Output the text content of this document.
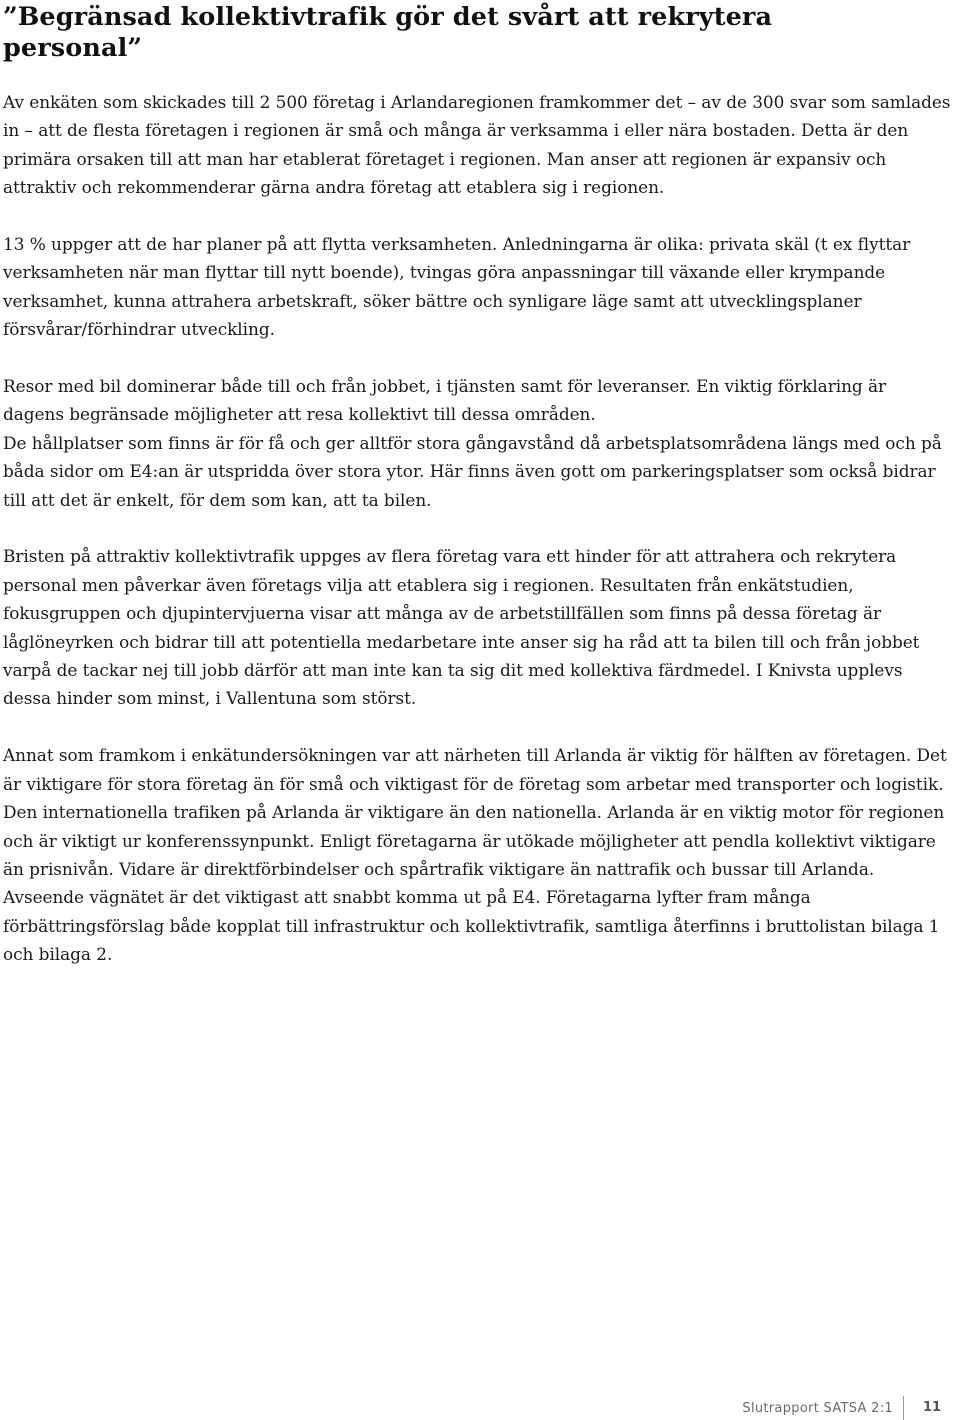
”Begränsad kollektivtrafik gör det svårt att rekrytera personal”

Av enkäten som skickades till 2 500 företag i Arlandaregionen framkommer det – av de 300 svar som samlades in – att de flesta företagen i regionen är små och många är verksamma i eller nära bostaden. Detta är den primära orsaken till att man har etablerat företaget i regionen. Man anser att regionen är expansiv och attraktiv och rekommenderar gärna andra företag att etablera sig i regionen.

13 % uppger att de har planer på att flytta verksamheten. Anledningarna är olika: privata skäl (t ex flyttar verksamheten när man flyttar till nytt boende), tvingas göra anpassningar till växande eller krympande verksamhet, kunna attrahera arbetskraft, söker bättre och synligare läge samt att utvecklingsplaner försvårar/förhindrar utveckling.

Resor med bil dominerar både till och från jobbet, i tjänsten samt för leveranser. En viktig förklaring är dagens begränsade möjligheter att resa kollektivt till dessa områden.

De hållplatser som finns är för få och ger alltför stora gångavstånd då arbetsplatsområdena längs med och på båda sidor om E4:an är utspridda över stora ytor. Här finns även gott om parkeringsplatser som också bidrar till att det är enkelt, för dem som kan, att ta bilen.

Bristen på attraktiv kollektivtrafik uppges av flera företag vara ett hinder för att attrahera och rekrytera personal men påverkar även företags vilja att etablera sig i regionen. Resultaten från enkätstudien, fokusgruppen och djupintervjuerna visar att många av de arbetstillfällen som finns på dessa företag är låglöneyrken och bidrar till att potentiella medarbetare inte anser sig ha råd att ta bilen till och från jobbet varpå de tackar nej till jobb därför att man inte kan ta sig dit med kollektiva färdmedel. I Knivsta upplevs dessa hinder som minst, i Vallentuna som störst.

Annat som framkom i enkätundersökningen var att närheten till Arlanda är viktig för hälften av företagen. Det är viktigare för stora företag än för små och viktigast för de företag som arbetar med transporter och logistik. Den internationella trafiken på Arlanda är viktigare än den nationella. Arlanda är en viktig motor för regionen och är viktigt ur konferenssynpunkt. Enligt företagarna är utökade möjligheter att pendla kollektivt viktigare än prisnivån. Vidare är direktförbindelser och spårtrafik viktigare än nattrafik och bussar till Arlanda. Avseende vägnätet är det viktigast att snabbt komma ut på E4. Företagarna lyfter fram många förbättringsförslag både kopplat till infrastruktur och kollektivtrafik, samtliga återfinns i bruttolistan bilaga 1 och bilaga 2.

Slutrapport SATSA 2:1	11
